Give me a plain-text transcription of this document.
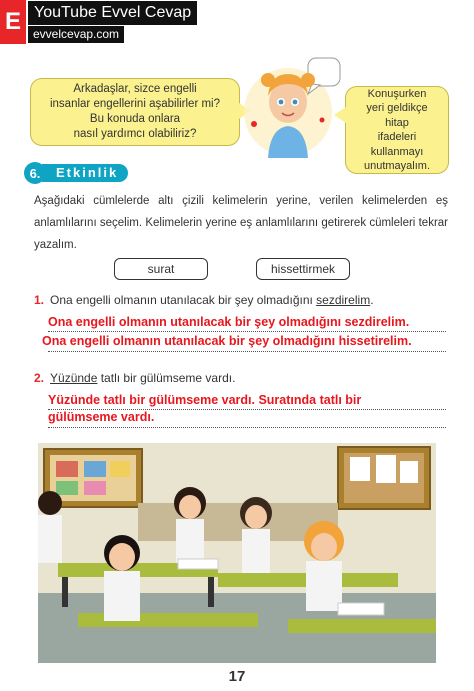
E YouTube Evvel Cevap
evvelcevap.com
Arkadaşlar, sizce engelli
insanlar engellerini aşabilirler mi?
Bu konuda onlara
nasıl yardımcı olabiliriz?
Konuşurken
yeri geldikçe
hitap
ifadeleri
kullanmayı
unutmayalım.
Etkinlik
6.
Aşağıdaki cümlelerde altı çizili kelimelerin yerine, verilen kelimelerden eş anlamlılarını seçelim. Kelimelerin yerine eş anlamlılarını getirerek cümleleri tekrar yazalım.
surat	hissettirmek
1. Ona engelli olmanın utanılacak bir şey olmadığını sezdirelim.
Ona engelli olmanın utanılacak bir şey olmadığını sezdirelim.
Ona engelli olmanın utanılacak bir şey olmadığını hissetirelim.
2. Yüzünde tatlı bir gülümseme vardı.
Yüzünde tatlı bir gülümseme vardı. Suratında tatlı bir
gülümseme vardı.
17
